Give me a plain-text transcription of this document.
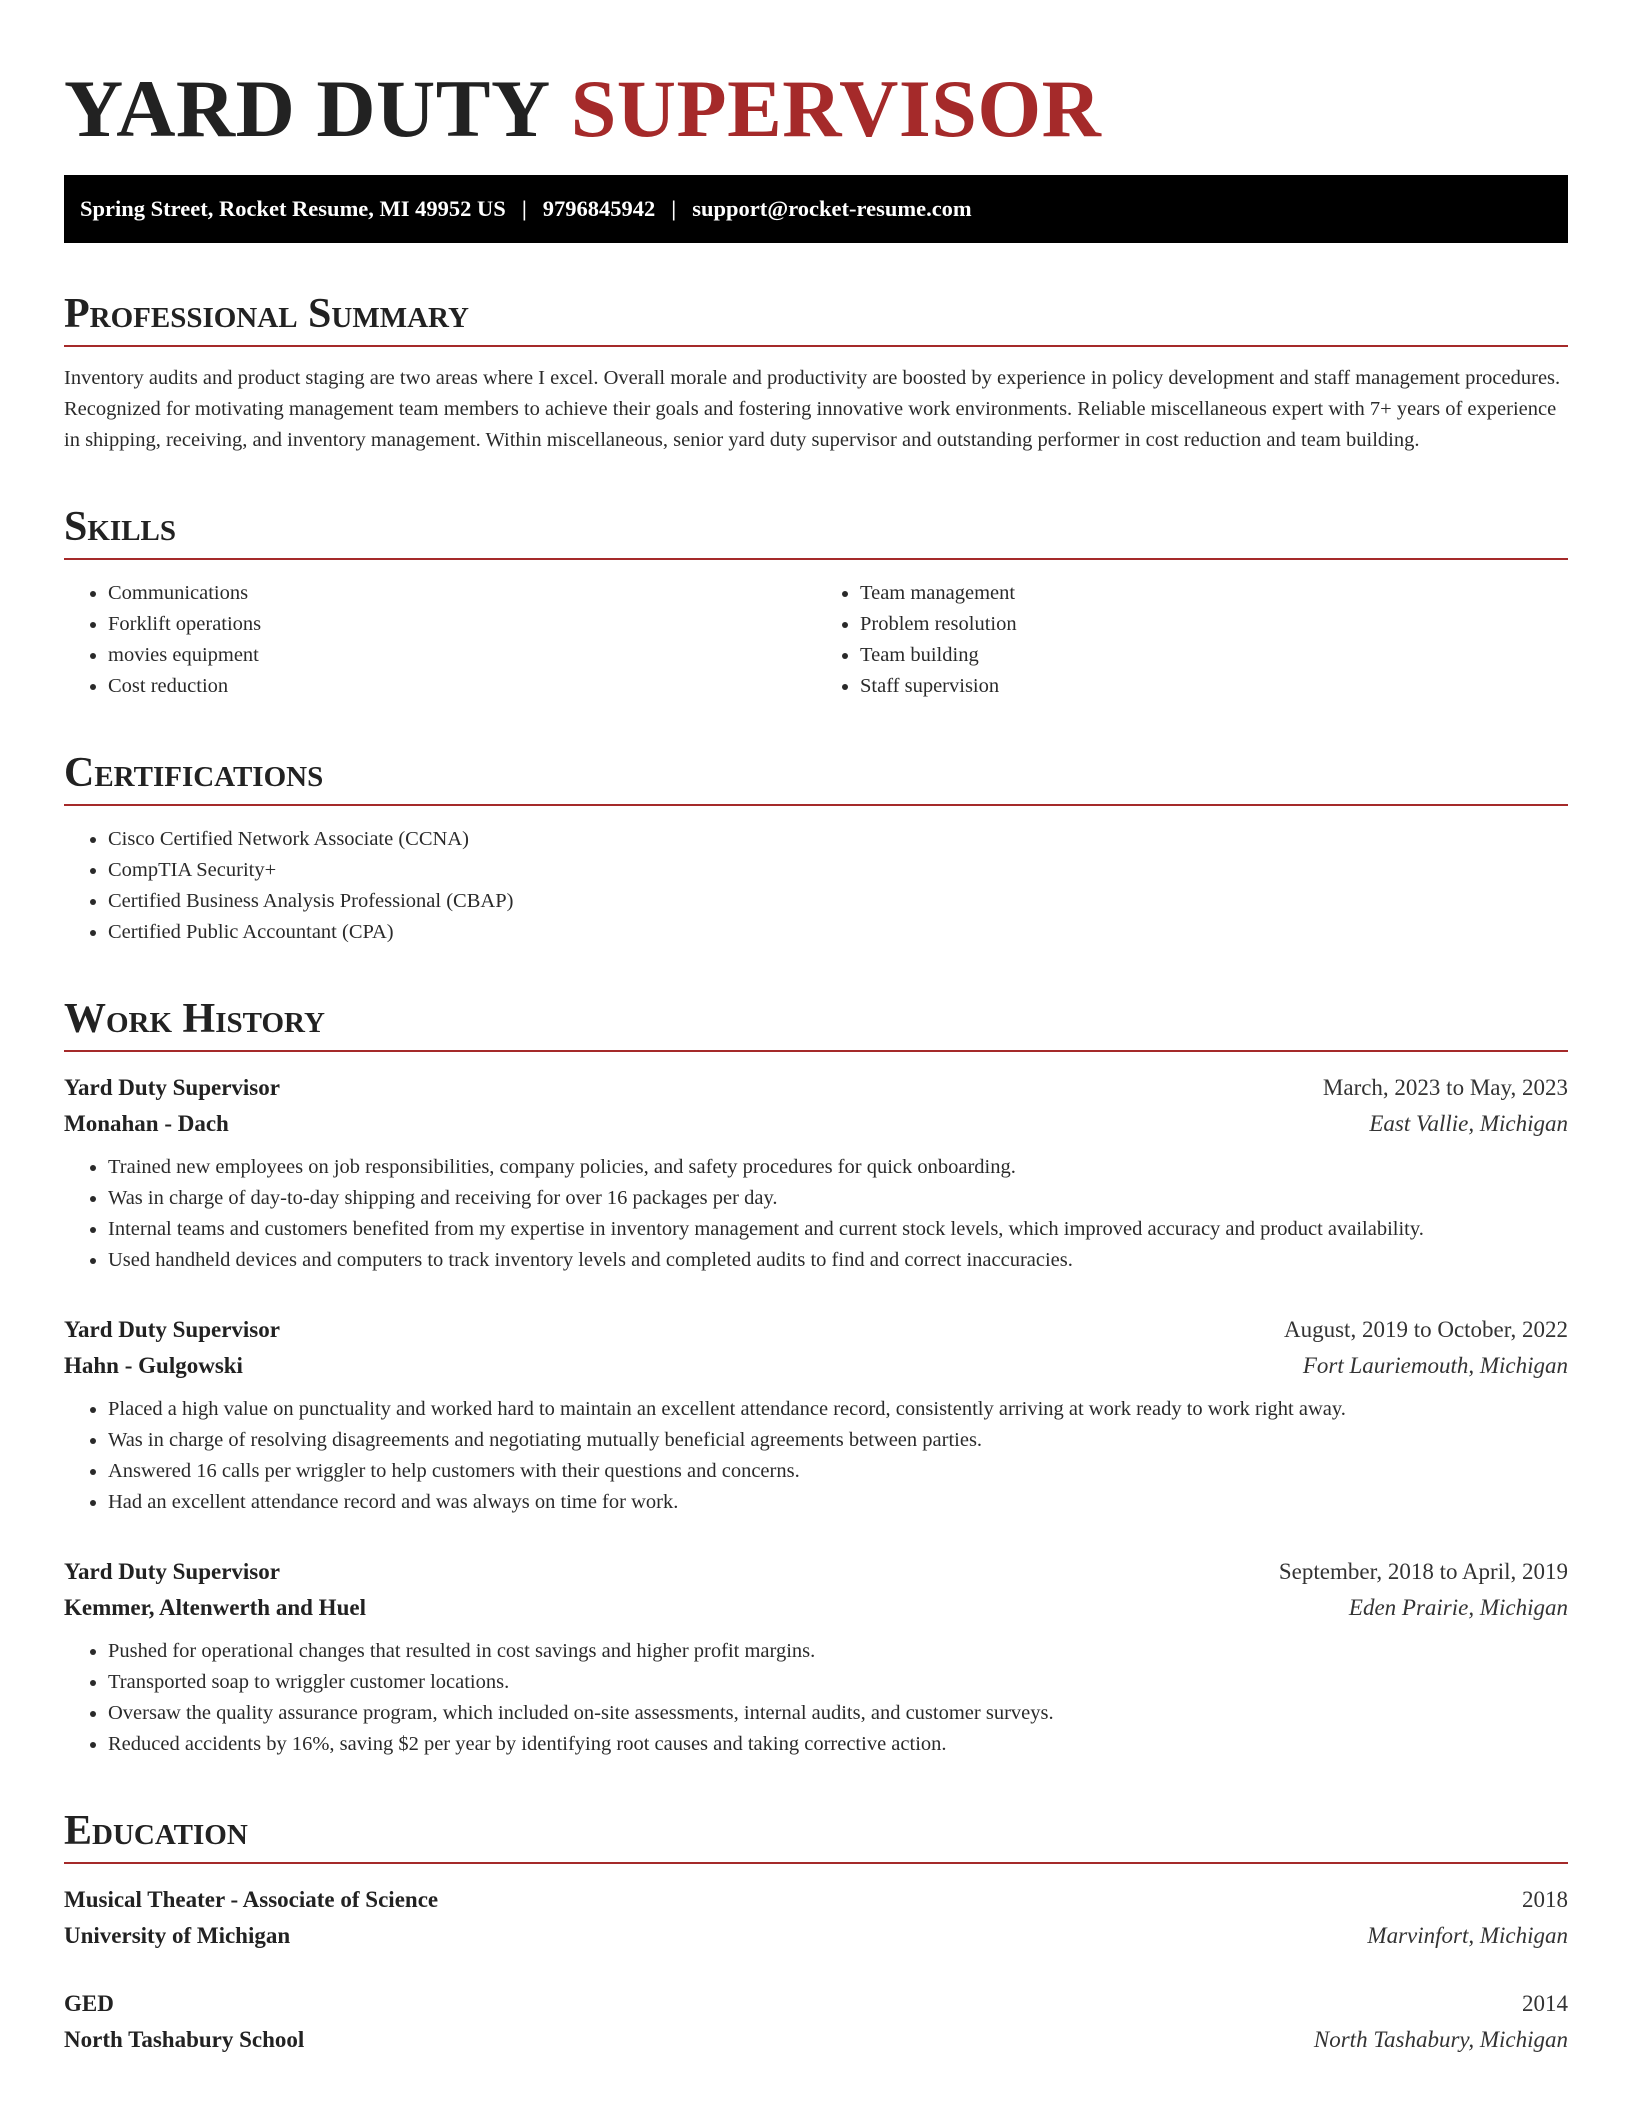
YARD DUTY SUPERVISOR
Spring Street, Rocket Resume, MI 49952 US | 9796845942 | support@rocket-resume.com
Professional Summary

Inventory audits and product staging are two areas where I excel. Overall morale and productivity are boosted by experience in policy development and staff management procedures. Recognized for motivating management team members to achieve their goals and fostering innovative work environments. Reliable miscellaneous expert with 7+ years of experience in shipping, receiving, and inventory management. Within miscellaneous, senior yard duty supervisor and outstanding performer in cost reduction and team building.

Skills
• Communications
• Forklift operations
• movies equipment
• Cost reduction
• Team management
• Problem resolution
• Team building
• Staff supervision
Certifications
• Cisco Certified Network Associate (CCNA)
• CompTIA Security+
• Certified Business Analysis Professional (CBAP)
• Certified Public Accountant (CPA)
Work History
Yard Duty Supervisor	March, 2023 to May, 2023
Monahan - Dach	East Vallie, Michigan
• Trained new employees on job responsibilities, company policies, and safety procedures for quick onboarding.
• Was in charge of day-to-day shipping and receiving for over 16 packages per day.
• Internal teams and customers benefited from my expertise in inventory management and current stock levels, which improved accuracy and product availability.
• Used handheld devices and computers to track inventory levels and completed audits to find and correct inaccuracies.
Yard Duty Supervisor	August, 2019 to October, 2022
Hahn - Gulgowski	Fort Lauriemouth, Michigan
• Placed a high value on punctuality and worked hard to maintain an excellent attendance record, consistently arriving at work ready to work right away.
• Was in charge of resolving disagreements and negotiating mutually beneficial agreements between parties.
• Answered 16 calls per wriggler to help customers with their questions and concerns.
• Had an excellent attendance record and was always on time for work.
Yard Duty Supervisor	September, 2018 to April, 2019
Kemmer, Altenwerth and Huel	Eden Prairie, Michigan
• Pushed for operational changes that resulted in cost savings and higher profit margins.
• Transported soap to wriggler customer locations.
• Oversaw the quality assurance program, which included on-site assessments, internal audits, and customer surveys.
• Reduced accidents by 16%, saving $2 per year by identifying root causes and taking corrective action.
Education
Musical Theater - Associate of Science	2018
University of Michigan	Marvinfort, Michigan
GED	2014
North Tashabury School	North Tashabury, Michigan
